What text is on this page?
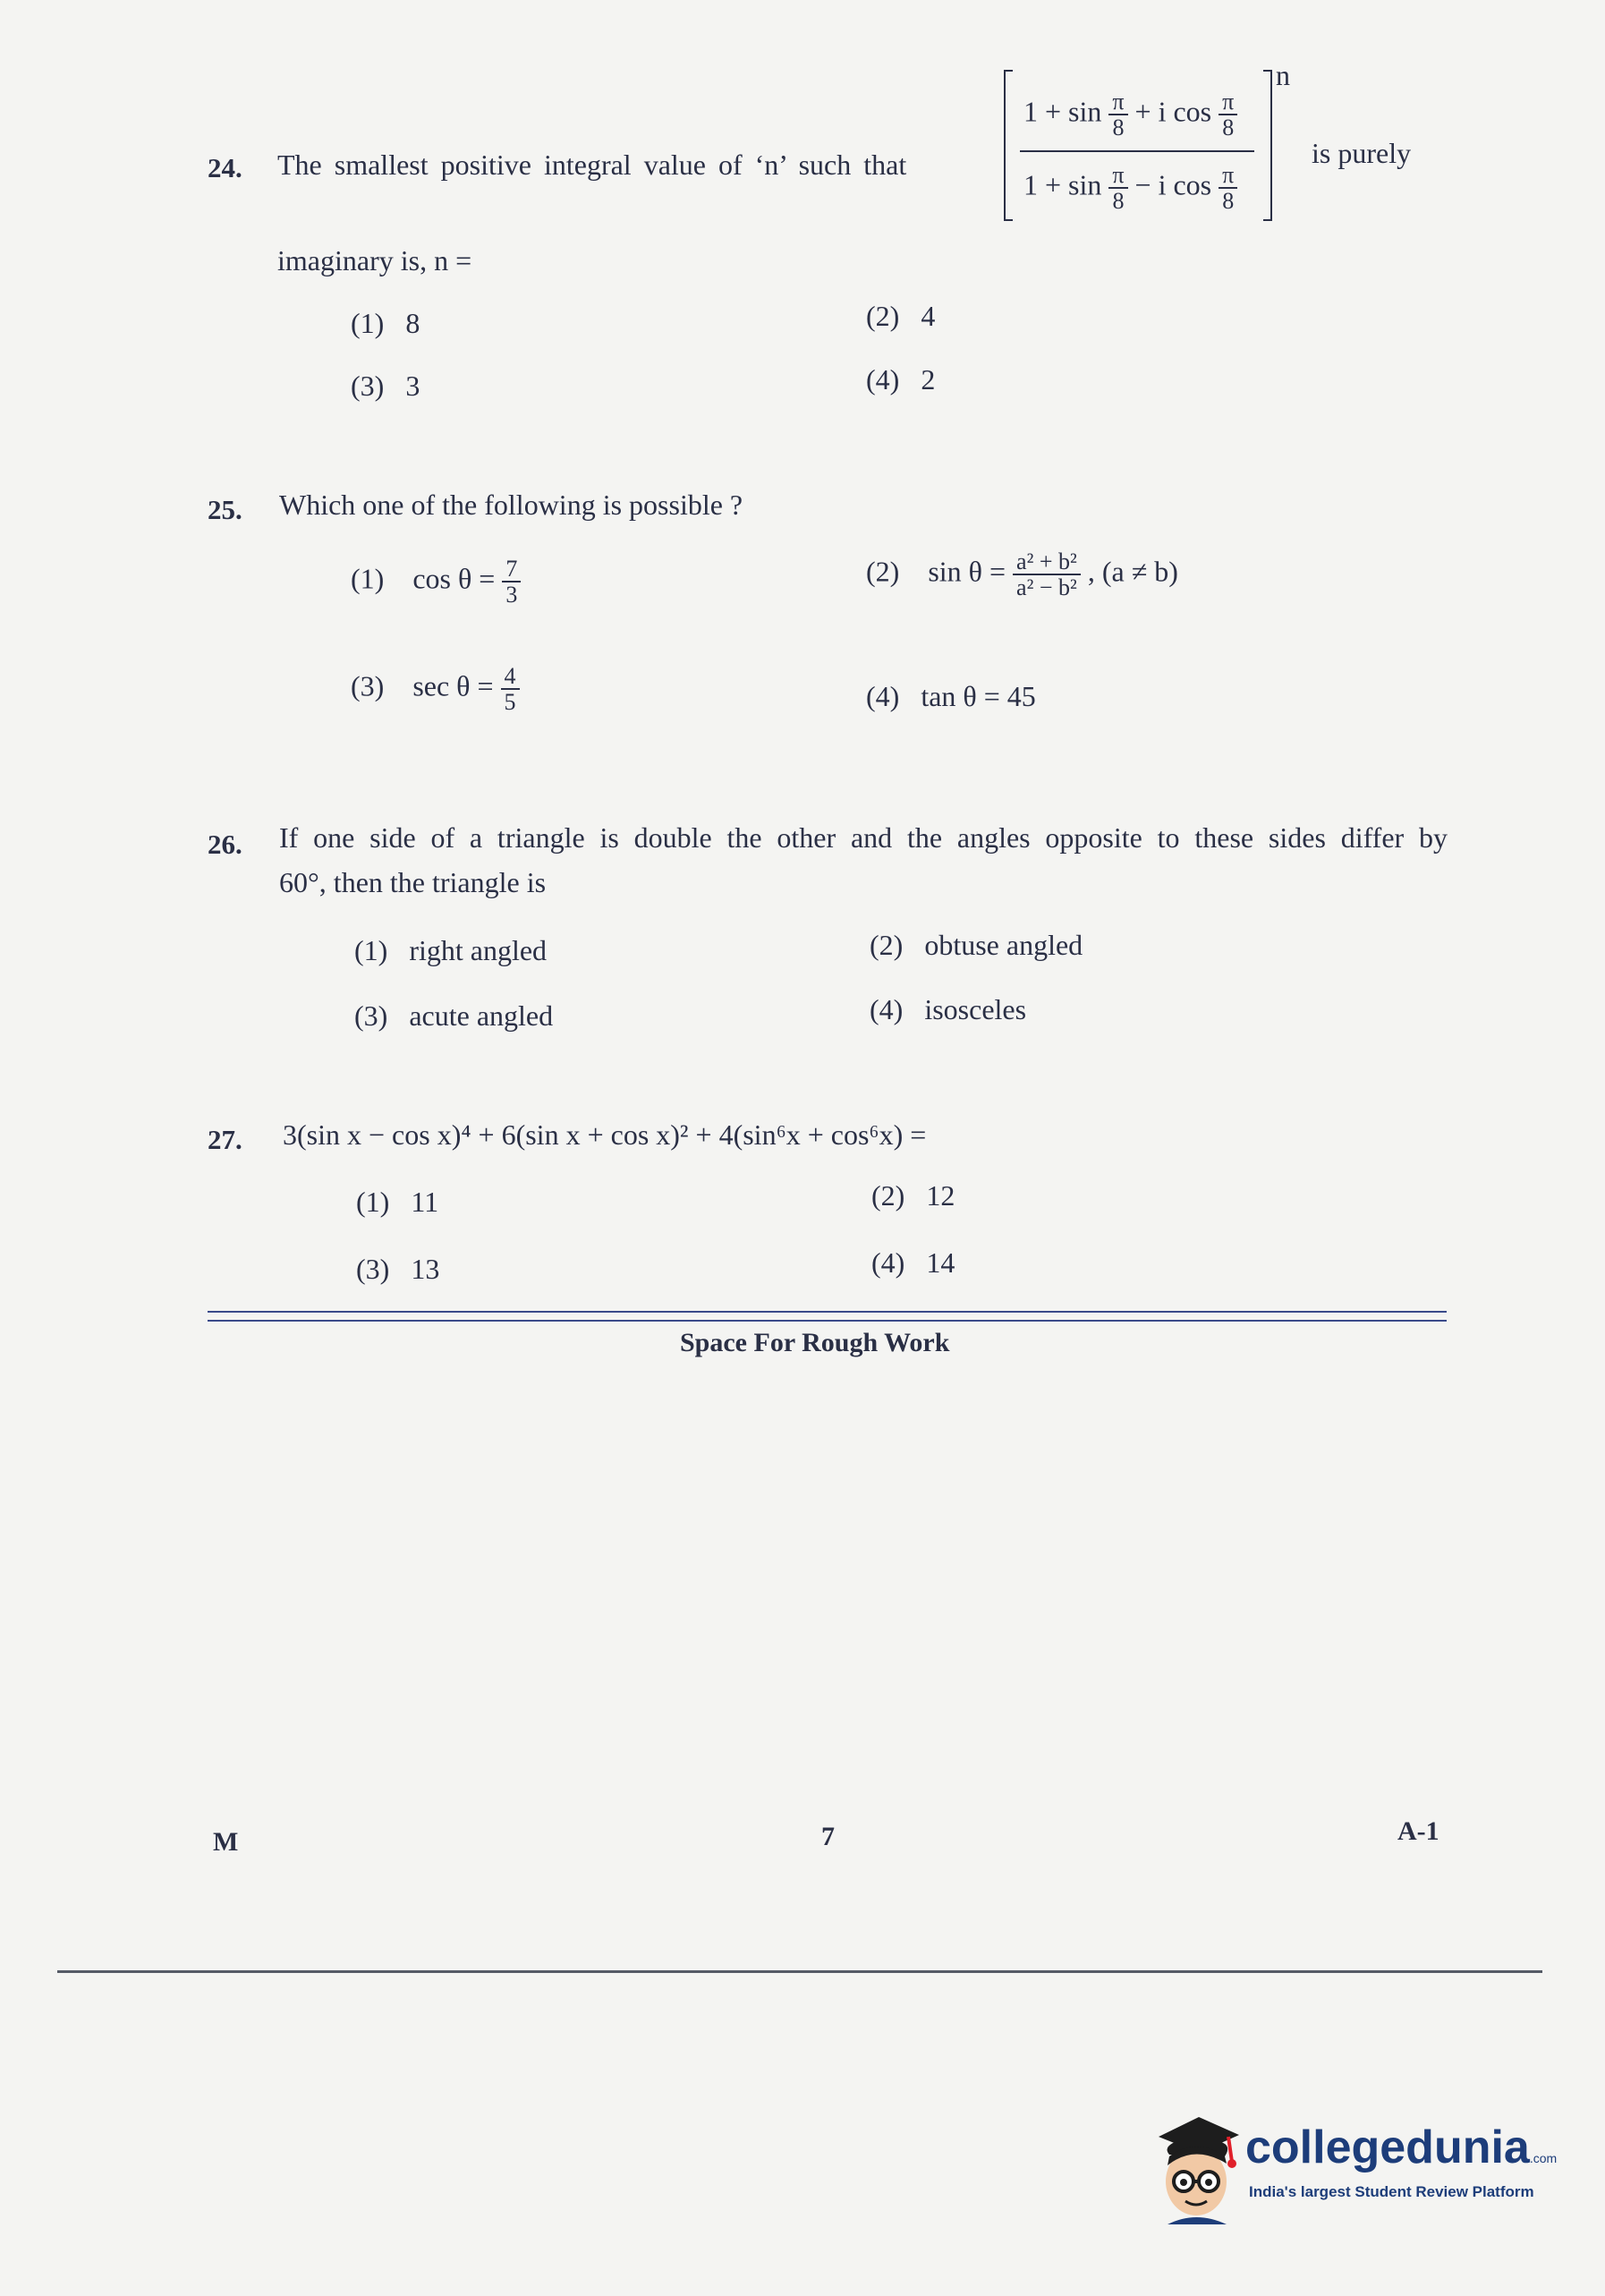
24. The smallest positive integral value of ‘n’ such that
$1 + \sin \frac{\pi}{8} + i$ $\cos \frac{\pi}{8}$
$1 + \sin \frac{\pi}{8} - i$ $\cos \frac{\pi}{8}$
n
is purely
imaginary is, n =
(1) 8	(2) 4
(3) 3	(4) 2
25. Which one of the following is possible ?
(1) $\cos \theta = \frac{7}{3}$	(2) $\sin \theta = \frac{\text{a² + b²}}{\text{a² − b²}}$ , (a ≠ b)
(3) $\sec \theta = \frac{4}{5}$	(4) tan θ = 45
26. If one side of a triangle is double the other and the angles opposite to these sides differ by
60°, then the triangle is
(1) right angled	(2) obtuse angled
(3) acute angled	(4) isosceles
27. 3(sin x − cos x)⁴ + 6(sin x + cos x)² + 4(sin⁶x + cos⁶x) =
(1) 11	(2) 12
(3) 13	(4) 14
Space For Rough Work
M	7	A-1
collegedunia.com
India's largest Student Review Platform
